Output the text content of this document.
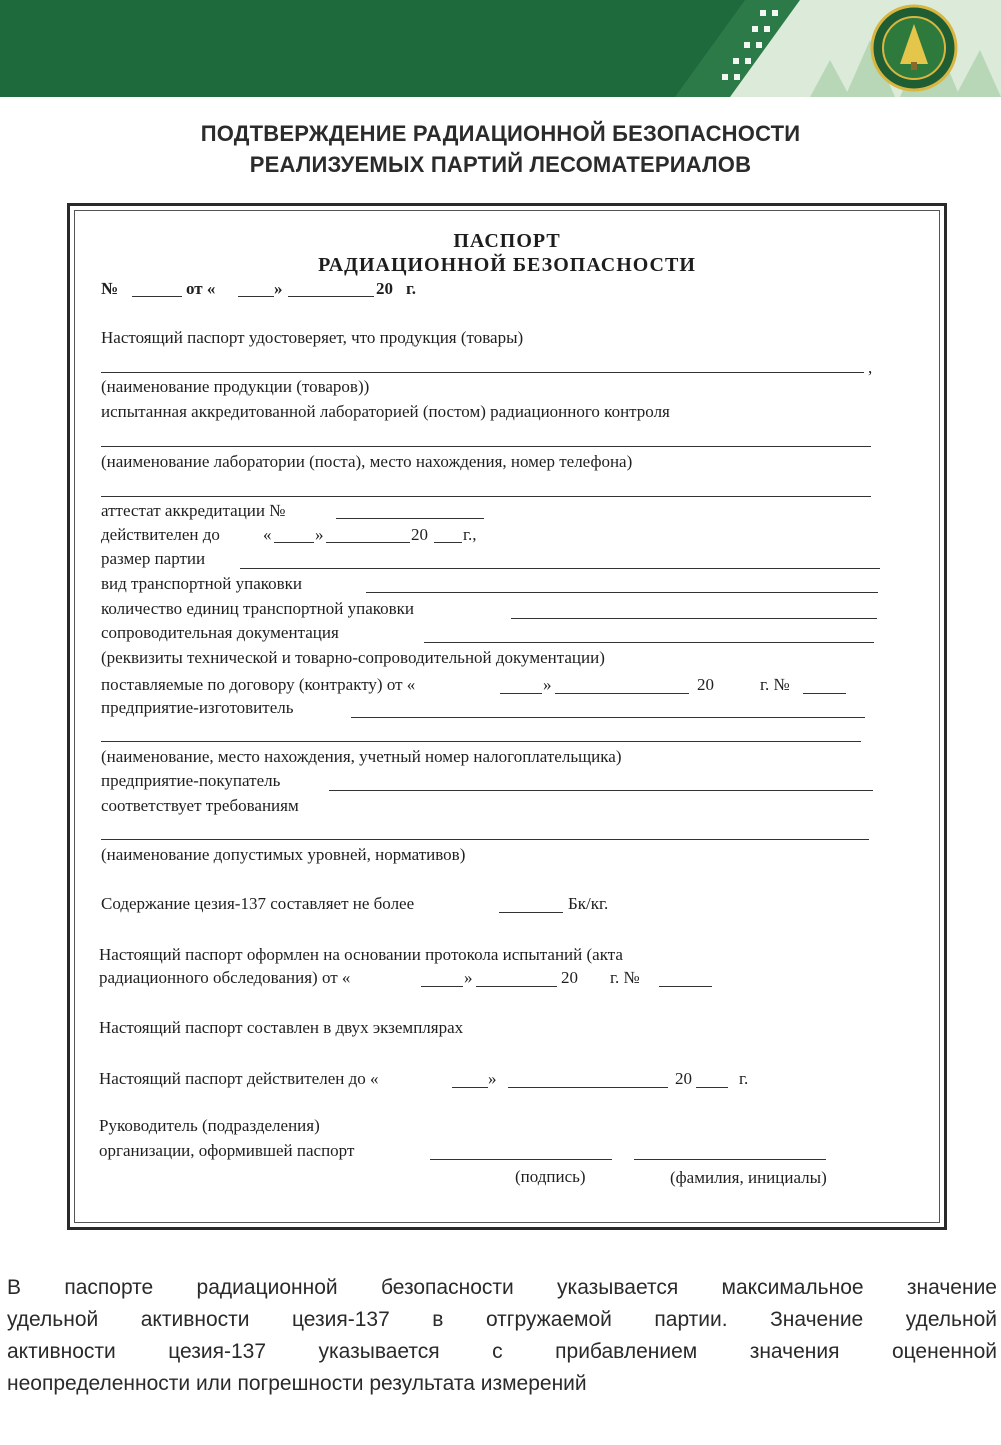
ПОДТВЕРЖДЕНИЕ РАДИАЦИОННОЙ БЕЗОПАСНОСТИ
РЕАЛИЗУЕМЫХ ПАРТИЙ ЛЕСОМАТЕРИАЛОВ
ПАСПОРТ
РАДИАЦИОННОЙ БЕЗОПАСНОСТИ
№	от «	»	20 г.
Настоящий паспорт удостоверяет, что продукция (товары)
,
(наименование продукции (товаров))
испытанная аккредитованной лабораторией (постом) радиационного контроля
(наименование лаборатории (поста), место нахождения, номер телефона)
аттестат аккредитации №
действителен до	«	»	20 г.,
размер партии
вид транспортной упаковки
количество единиц транспортной упаковки
сопроводительная документация
(реквизиты технической и товарно-сопроводительной документации)
поставляемые по договору (контракту) от «	»	20	г. №
предприятие-изготовитель
(наименование, место нахождения, учетный номер налогоплательщика)
предприятие-покупатель
соответствует требованиям
(наименование допустимых уровней, нормативов)
Содержание цезия-137 составляет не более	Бк/кг.
Настоящий паспорт оформлен на основании протокола испытаний (акта
радиационного обследования) от «	»	20 г. №
Настоящий паспорт составлен в двух экземплярах
Настоящий паспорт действителен до «	»	20	г.
Руководитель (подразделения)
организации, оформившей паспорт
(подпись)	(фамилия, инициалы)
В паспорте радиационной безопасности указывается максимальное значение
удельной активности цезия-137 в отгружаемой партии. Значение удельной
активности цезия-137 указывается с прибавлением значения оцененной
неопределенности или погрешности результата измерений
